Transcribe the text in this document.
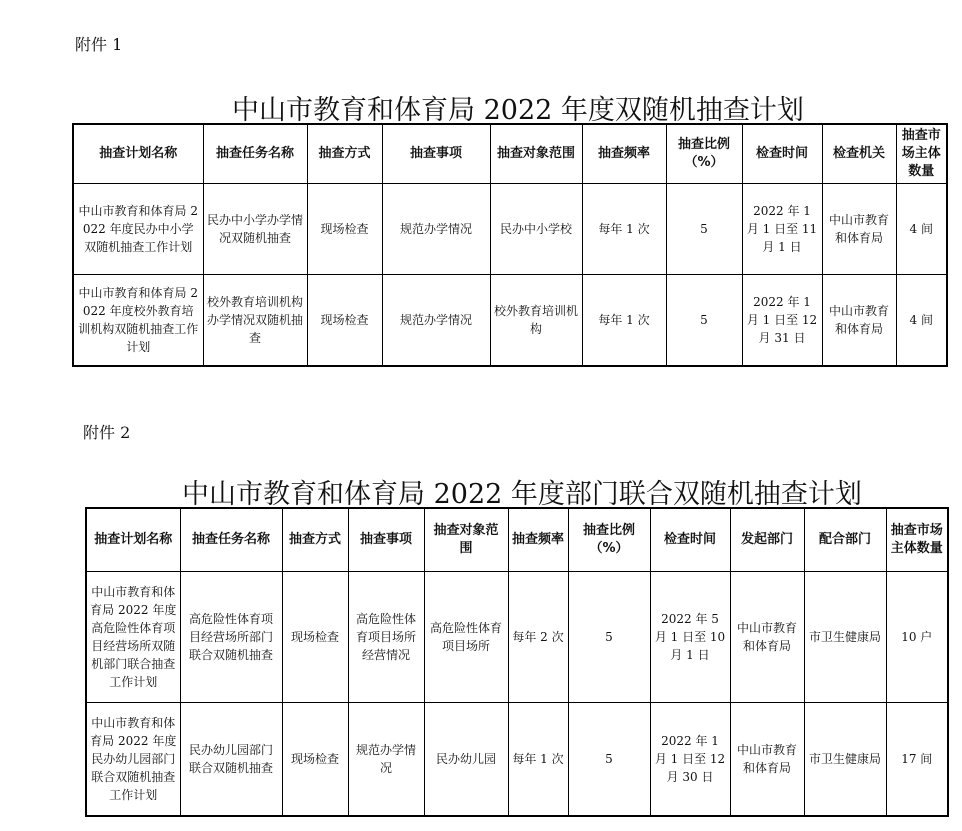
附件 1
中山市教育和体育局 2022 年度双随机抽查计划
抽查计划名称	抽查任务名称	抽查方式	抽查事项	抽查对象范围	抽查频率	抽查比例（%）	检查时间	检查机关	抽查市场主体数量
中山市教育和体育局 2022 年度民办中小学双随机抽查工作计划	民办中小学办学情况双随机抽查	现场检查	规范办学情况	民办中小学校	每年 1 次	5	2022 年 1 月 1 日至 11 月 1 日	中山市教育和体育局	4 间
中山市教育和体育局 2022 年度校外教育培训机构双随机抽查工作计划	校外教育培训机构办学情况双随机抽查	现场检查	规范办学情况	校外教育培训机构	每年 1 次	5	2022 年 1 月 1 日至 12 月 31 日	中山市教育和体育局	4 间
附件 2
中山市教育和体育局 2022 年度部门联合双随机抽查计划
抽查计划名称	抽查任务名称	抽查方式	抽查事项	抽查对象范围	抽查频率	抽查比例（%）	检查时间	发起部门	配合部门	抽查市场主体数量
中山市教育和体育局 2022 年度高危险性体育项目经营场所双随机部门联合抽查工作计划	高危险性体育项目经营场所部门联合双随机抽查	现场检查	高危险性体育项目场所经营情况	高危险性体育项目场所	每年 2 次	5	2022 年 5 月 1 日至 10 月 1 日	中山市教育和体育局	市卫生健康局	10 户
中山市教育和体育局 2022 年度民办幼儿园部门联合双随机抽查工作计划	民办幼儿园部门联合双随机抽查	现场检查	规范办学情况	民办幼儿园	每年 1 次	5	2022 年 1 月 1 日至 12 月 30 日	中山市教育和体育局	市卫生健康局	17 间
